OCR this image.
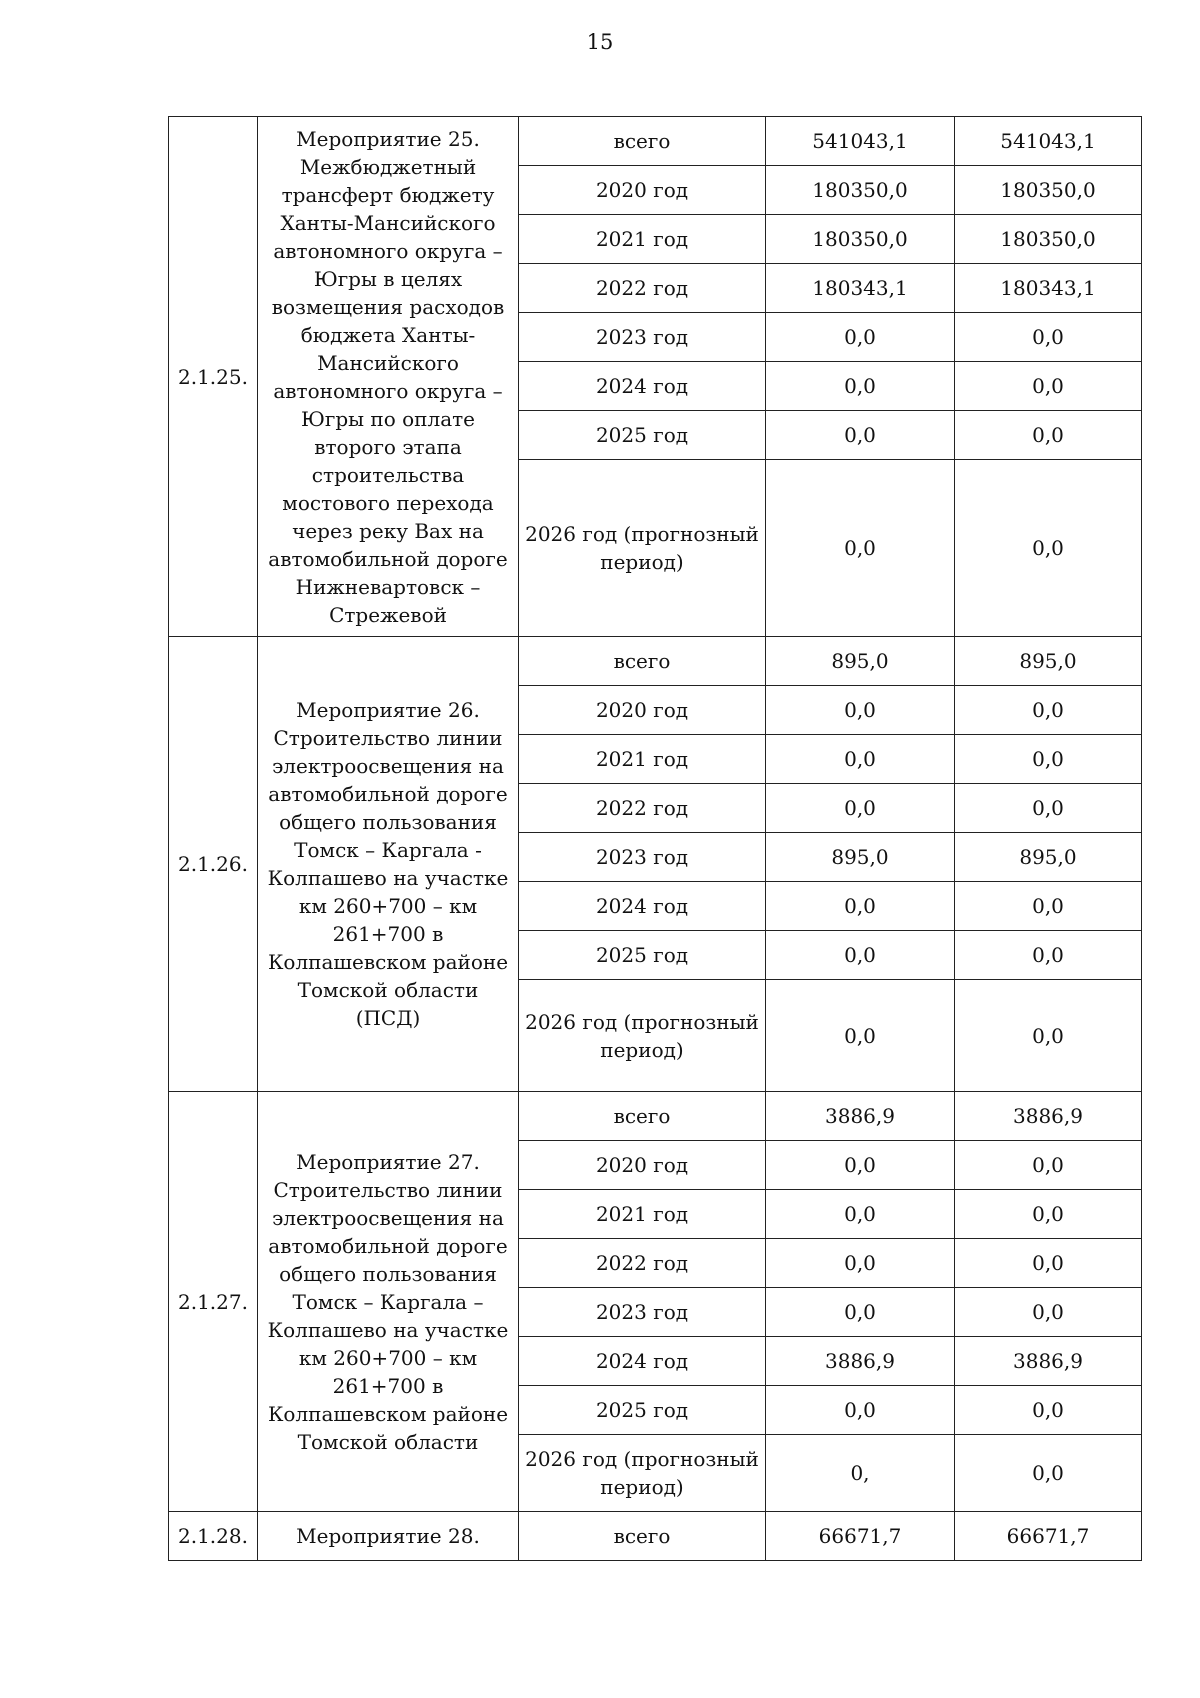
15
2.1.25.	Мероприятие 25. Межбюджетный трансферт бюджету Ханты-Мансийского автономного округа – Югры в целях возмещения расходов бюджета Ханты-Мансийского автономного округа – Югры по оплате второго этапа строительства мостового перехода через реку Вах на автомобильной дороге Нижневартовск – Стрежевой	всего	541043,1	541043,1
		2020 год	180350,0	180350,0
		2021 год	180350,0	180350,0
		2022 год	180343,1	180343,1
		2023 год	0,0	0,0
		2024 год	0,0	0,0
		2025 год	0,0	0,0
		2026 год (прогнозный период)	0,0	0,0
2.1.26.	Мероприятие 26. Строительство линии электроосвещения на автомобильной дороге общего пользования Томск – Каргала - Колпашево на участке км 260+700 – км 261+700 в Колпашевском районе Томской области (ПСД)	всего	895,0	895,0
		2020 год	0,0	0,0
		2021 год	0,0	0,0
		2022 год	0,0	0,0
		2023 год	895,0	895,0
		2024 год	0,0	0,0
		2025 год	0,0	0,0
		2026 год (прогнозный период)	0,0	0,0
2.1.27.	Мероприятие 27. Строительство линии электроосвещения на автомобильной дороге общего пользования Томск – Каргала – Колпашево на участке км 260+700 – км 261+700 в Колпашевском районе Томской области	всего	3886,9	3886,9
		2020 год	0,0	0,0
		2021 год	0,0	0,0
		2022 год	0,0	0,0
		2023 год	0,0	0,0
		2024 год	3886,9	3886,9
		2025 год	0,0	0,0
		2026 год (прогнозный период)	0,	0,0
2.1.28.	Мероприятие 28.	всего	66671,7	66671,7
